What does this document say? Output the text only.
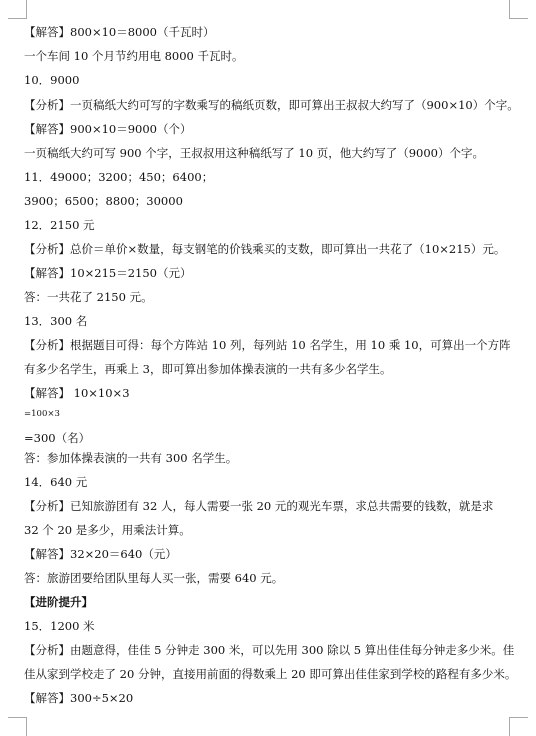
【解答】800×10＝8000（千瓦时）
一个车间 10 个月节约用电 8000 千瓦时。
10．9000
【分析】一页稿纸大约可写的字数乘写的稿纸页数，即可算出王叔叔大约写了（900×10）个字。
【解答】900×10＝9000（个）
一页稿纸大约可写 900 个字，王叔叔用这种稿纸写了 10 页，他大约写了（9000）个字。
11．49000；3200；450；6400；
3900；6500；8800；30000
12．2150 元
【分析】总价＝单价×数量，每支钢笔的价钱乘买的支数，即可算出一共花了（10×215）元。
【解答】10×215＝2150（元）
答：一共花了 2150 元。
13．300 名
【分析】根据题目可得：每个方阵站 10 列，每列站 10 名学生，用 10 乘 10，可算出一个方阵
有多少名学生，再乘上 3，即可算出参加体操表演的一共有多少名学生。
【解答】 10×10×3
=100×3
=300（名）
答：参加体操表演的一共有 300 名学生。
14．640 元
【分析】已知旅游团有 32 人，每人需要一张 20 元的观光车票，求总共需要的钱数，就是求
32 个 20 是多少，用乘法计算。
【解答】32×20＝640（元）
答：旅游团要给团队里每人买一张，需要 640 元。
【进阶提升】
15．1200 米
【分析】由题意得，佳佳 5 分钟走 300 米，可以先用 300 除以 5 算出佳佳每分钟走多少米。佳
佳从家到学校走了 20 分钟，直接用前面的得数乘上 20 即可算出佳佳家到学校的路程有多少米。
【解答】300÷5×20
